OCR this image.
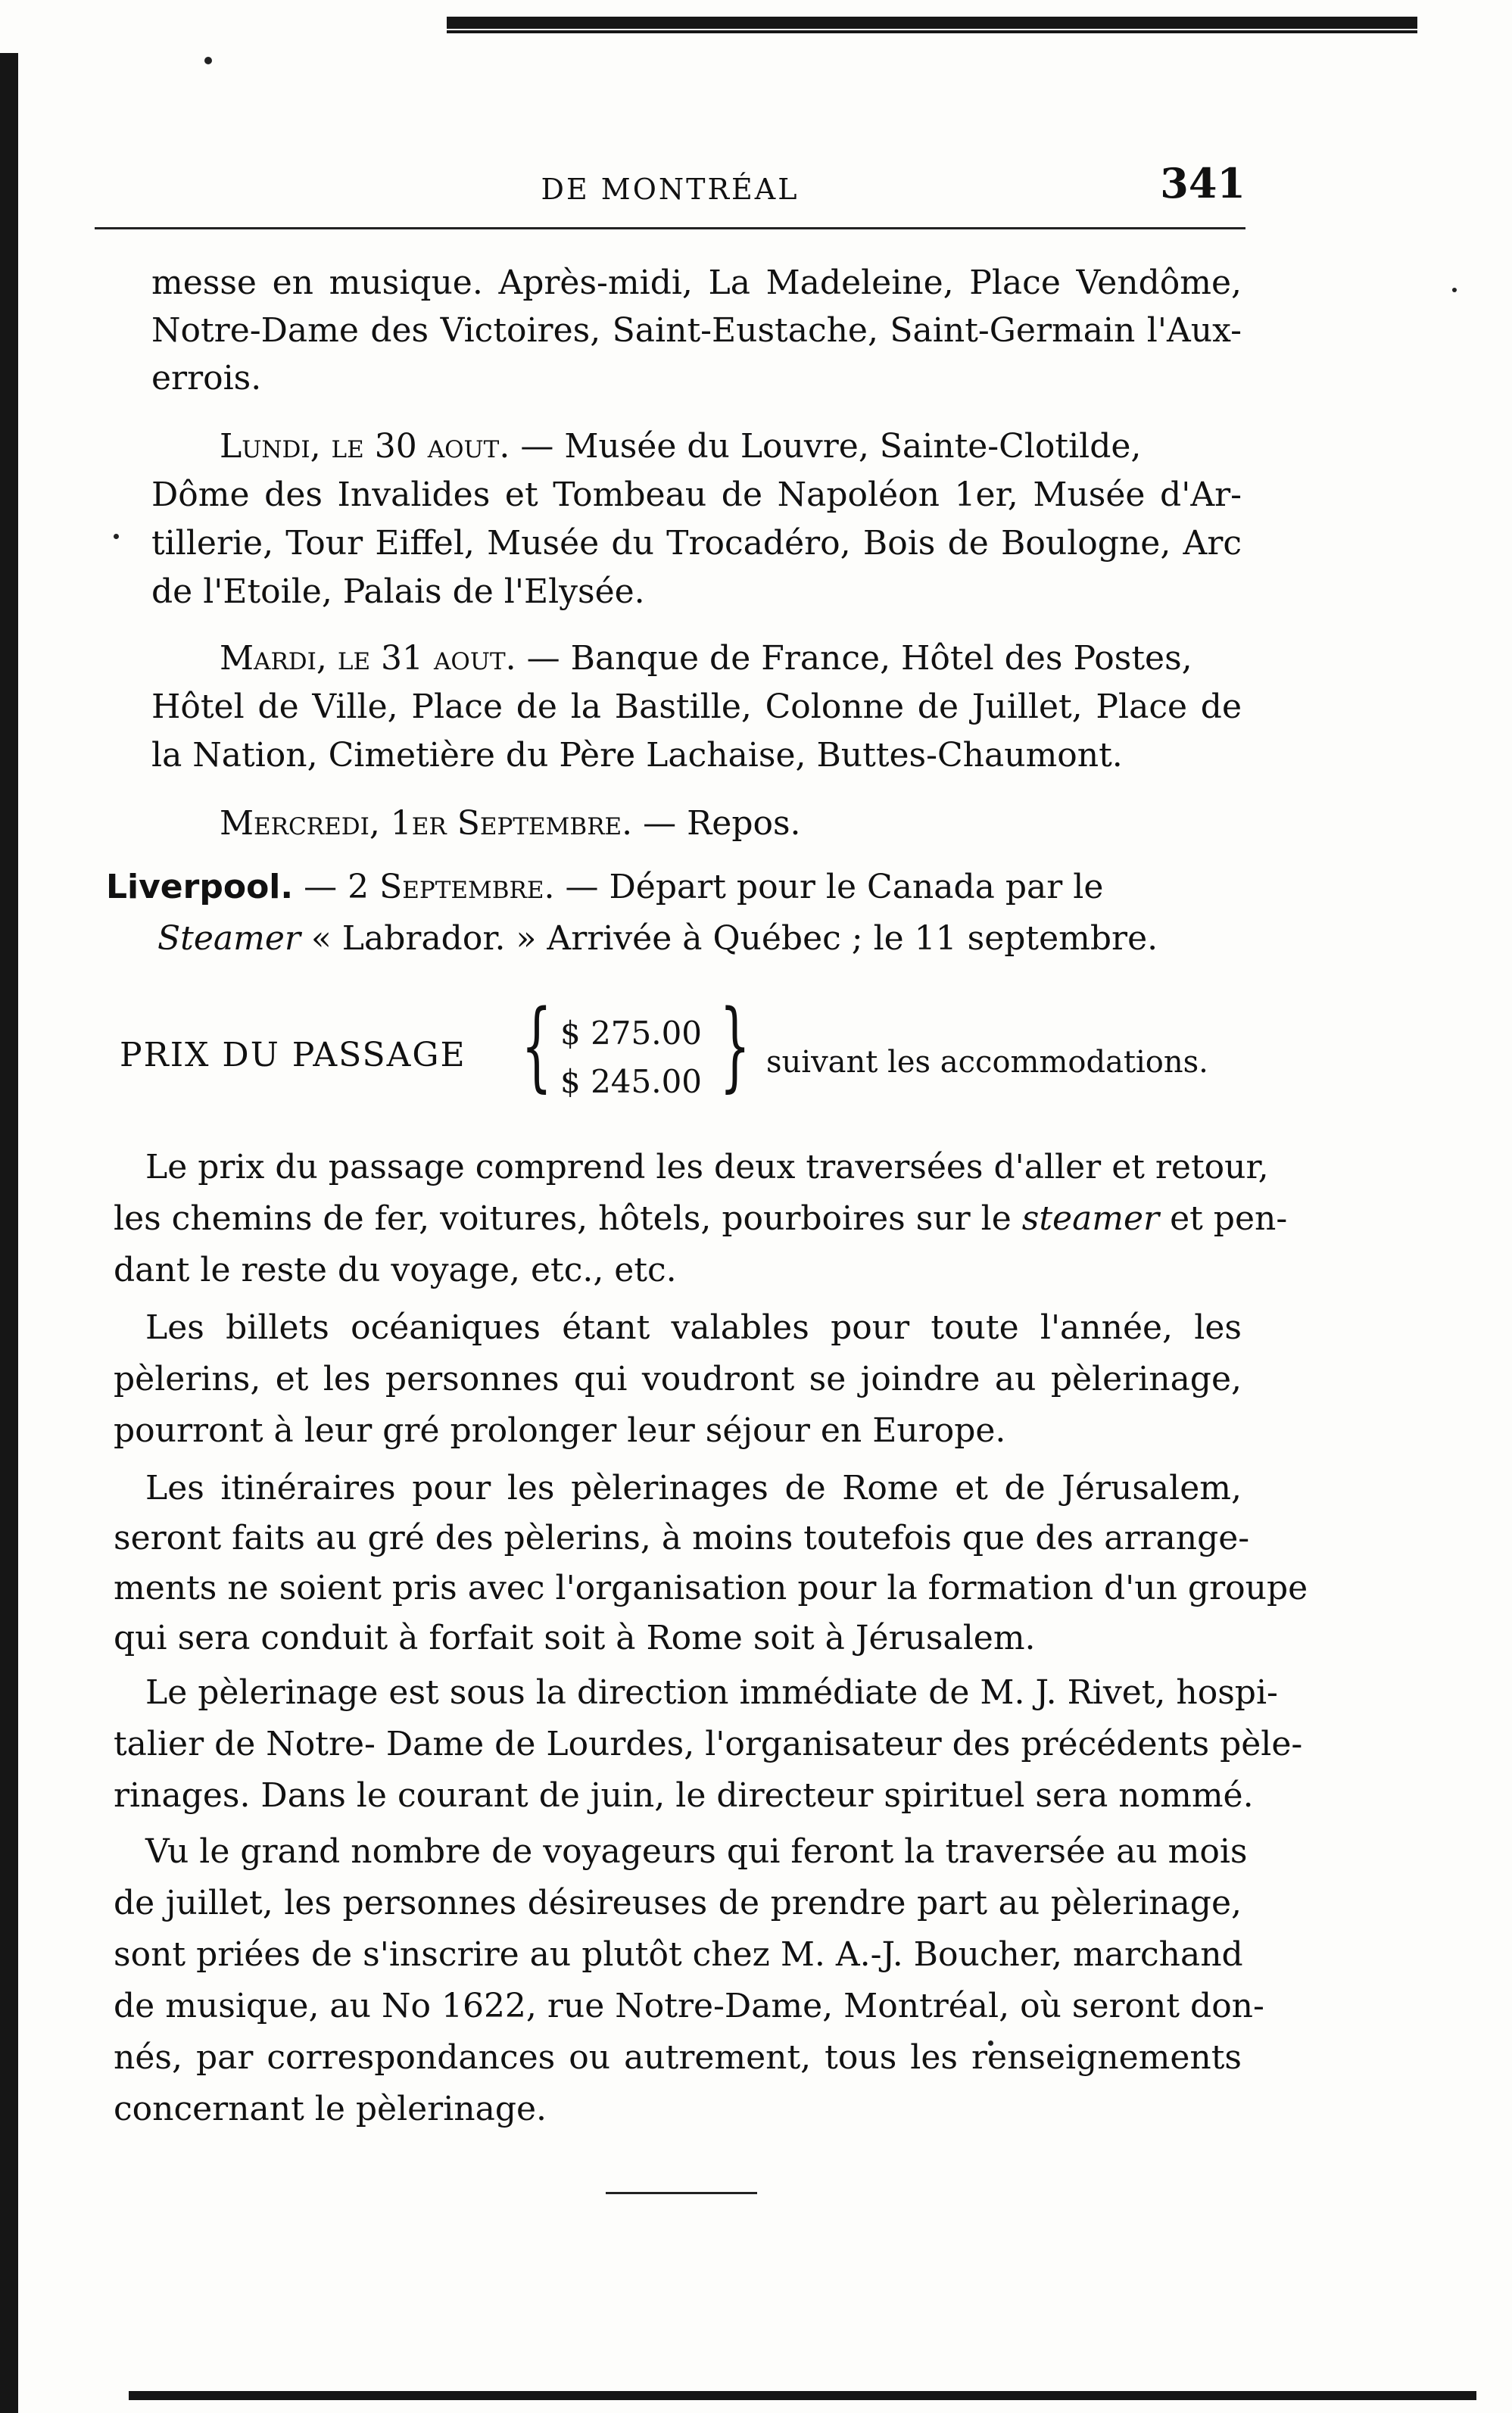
DE MONTRÉAL	341
messe en musique. Après-midi, La Madeleine, Place Vendôme,
Notre-Dame des Victoires, Saint-Eustache, Saint-Germain l'Aux-
errois.
Lundi, le 30 aout. — Musée du Louvre, Sainte-Clotilde,
Dôme des Invalides et Tombeau de Napoléon 1er, Musée d'Ar-
tillerie, Tour Eiffel, Musée du Trocadéro, Bois de Boulogne, Arc
de l'Etoile, Palais de l'Elysée.
Mardi, le 31 aout. — Banque de France, Hôtel des Postes,
Hôtel de Ville, Place de la Bastille, Colonne de Juillet, Place de
la Nation, Cimetière du Père Lachaise, Buttes-Chaumont.
Mercredi, 1er Septembre. — Repos.
Liverpool. — 2 Septembre. — Départ pour le Canada par le
Steamer « Labrador. » Arrivée à Québec ; le 11 septembre.
PRIX DU PASSAGE { $ 275.00
$ 245.00 } suivant les accommodations.
Le prix du passage comprend les deux traversées d'aller et retour,
les chemins de fer, voitures, hôtels, pourboires sur le steamer et pen-
dant le reste du voyage, etc., etc.
Les billets océaniques étant valables pour toute l'année, les
pèlerins, et les personnes qui voudront se joindre au pèlerinage,
pourront à leur gré prolonger leur séjour en Europe.
Les itinéraires pour les pèlerinages de Rome et de Jérusalem,
seront faits au gré des pèlerins, à moins toutefois que des arrange-
ments ne soient pris avec l'organisation pour la formation d'un groupe
qui sera conduit à forfait soit à Rome soit à Jérusalem.
Le pèlerinage est sous la direction immédiate de M. J. Rivet, hospi-
talier de Notre- Dame de Lourdes, l'organisateur des précédents pèle-
rinages. Dans le courant de juin, le directeur spirituel sera nommé.
Vu le grand nombre de voyageurs qui feront la traversée au mois
de juillet, les personnes désireuses de prendre part au pèlerinage,
sont priées de s'inscrire au plutôt chez M. A.-J. Boucher, marchand
de musique, au No 1622, rue Notre-Dame, Montréal, où seront don-
nés, par correspondances ou autrement, tous les renseignements
concernant le pèlerinage.
